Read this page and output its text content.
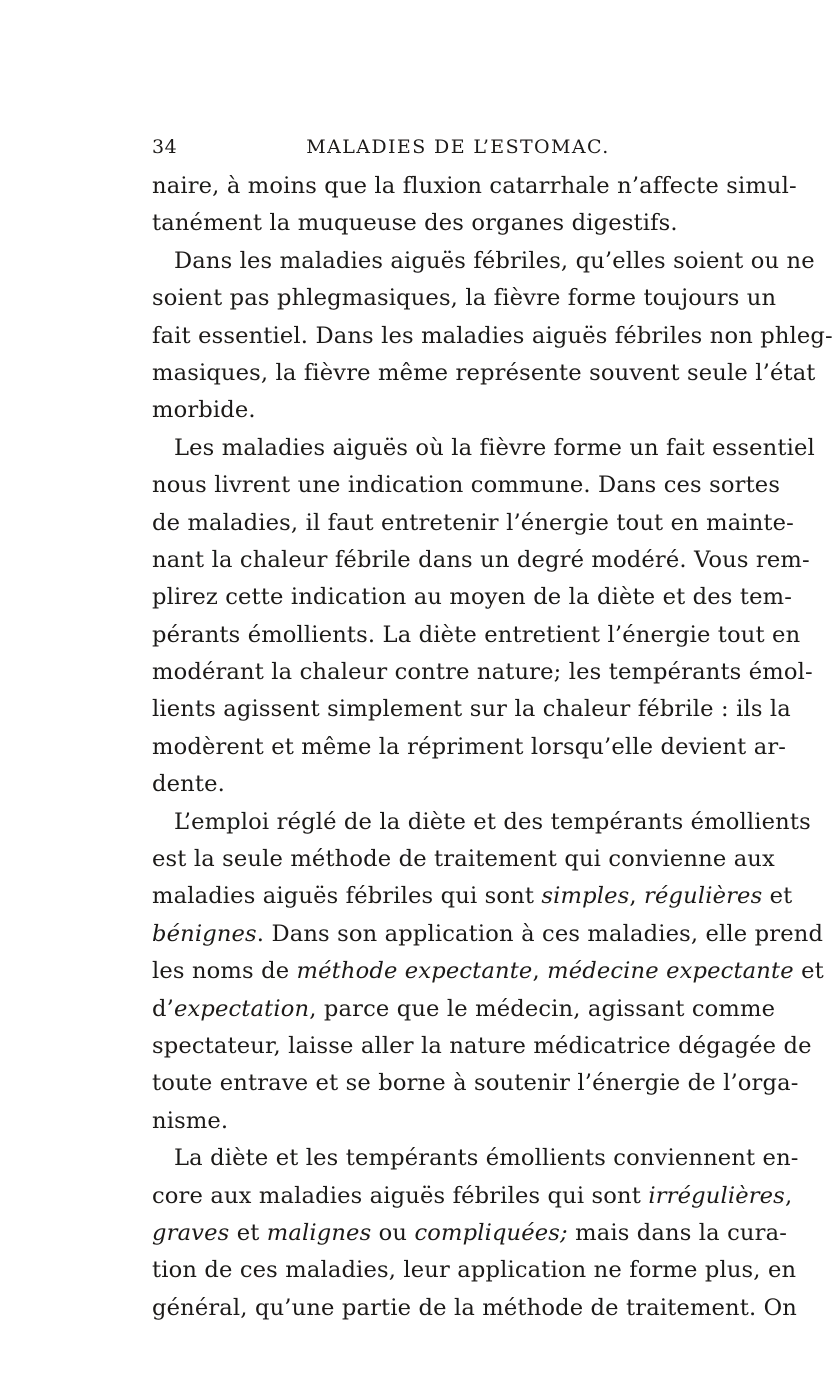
34	MALADIES DE L’ESTOMAC.
naire, à moins que la fluxion catarrhale n’affecte simul-
tanément la muqueuse des organes digestifs.
Dans les maladies aiguës fébriles, qu’elles soient ou ne
soient pas phlegmasiques, la fièvre forme toujours un
fait essentiel. Dans les maladies aiguës fébriles non phleg-
masiques, la fièvre même représente souvent seule l’état
morbide.
Les maladies aiguës où la fièvre forme un fait essentiel
nous livrent une indication commune. Dans ces sortes
de maladies, il faut entretenir l’énergie tout en mainte-
nant la chaleur fébrile dans un degré modéré. Vous rem-
plirez cette indication au moyen de la diète et des tem-
pérants émollients. La diète entretient l’énergie tout en
modérant la chaleur contre nature; les tempérants émol-
lients agissent simplement sur la chaleur fébrile : ils la
modèrent et même la répriment lorsqu’elle devient ar-
dente.
L’emploi réglé de la diète et des tempérants émollients
est la seule méthode de traitement qui convienne aux
maladies aiguës fébriles qui sont simples, régulières et
bénignes. Dans son application à ces maladies, elle prend
les noms de méthode expectante, médecine expectante et
d’expectation, parce que le médecin, agissant comme
spectateur, laisse aller la nature médicatrice dégagée de
toute entrave et se borne à soutenir l’énergie de l’orga-
nisme.
La diète et les tempérants émollients conviennent en-
core aux maladies aiguës fébriles qui sont irrégulières,
graves et malignes ou compliquées; mais dans la cura-
tion de ces maladies, leur application ne forme plus, en
général, qu’une partie de la méthode de traitement. On
